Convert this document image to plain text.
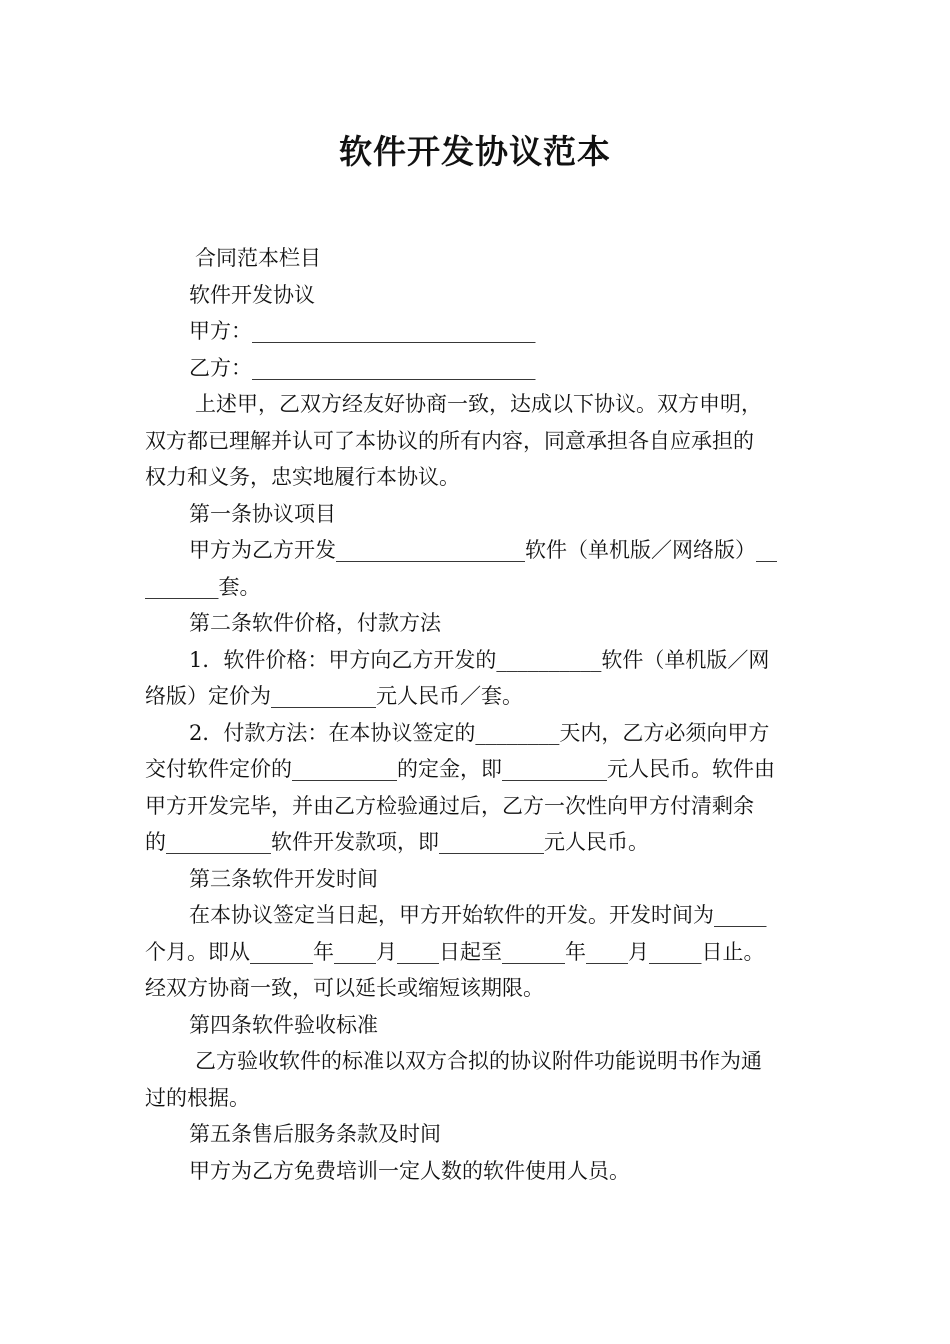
软件开发协议范本
合同范本栏目
软件开发协议
甲方：___________________________
乙方：___________________________
上述甲，乙双方经友好协商一致，达成以下协议。双方申明，
双方都已理解并认可了本协议的所有内容，同意承担各自应承担的
权力和义务，忠实地履行本协议。
第一条协议项目
甲方为乙方开发__________________软件（单机版／网络版）__
_______套。
第二条软件价格，付款方法
1．软件价格：甲方向乙方开发的__________软件（单机版／网
络版）定价为__________元人民币／套。
2．付款方法：在本协议签定的________天内，乙方必须向甲方
交付软件定价的__________的定金，即__________元人民币。软件由
甲方开发完毕，并由乙方检验通过后，乙方一次性向甲方付清剩余
的__________软件开发款项，即__________元人民币。
第三条软件开发时间
在本协议签定当日起，甲方开始软件的开发。开发时间为_____
个月。即从______年____月____日起至______年____月_____日止。
经双方协商一致，可以延长或缩短该期限。
第四条软件验收标准
乙方验收软件的标准以双方合拟的协议附件功能说明书作为通
过的根据。
第五条售后服务条款及时间
甲方为乙方免费培训一定人数的软件使用人员。
